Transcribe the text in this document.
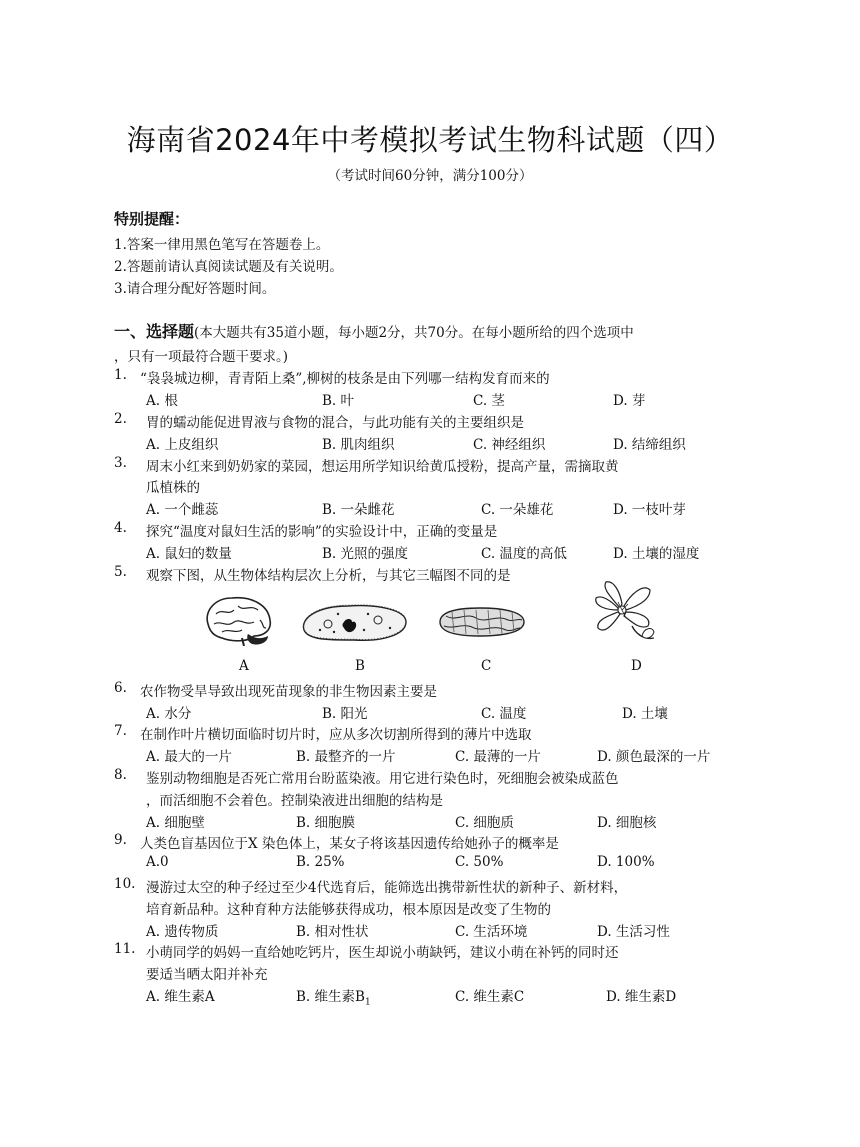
海南省2024年中考模拟考试生物科试题（四）
（考试时间60分钟，满分100分）
特别提醒：
1.答案一律用黑色笔写在答题卷上。
2.答题前请认真阅读试题及有关说明。
3.请合理分配好答题时间。
一、选择题(本大题共有35道小题，每小题2分，共70分。在每小题所给的四个选项中
，只有一项最符合题干要求。)
1. “袅袅城边柳，青青陌上桑”,柳树的枝条是由下列哪一结构发育而来的
A. 根	B. 叶	C. 茎	D. 芽
2. 胃的蠕动能促进胃液与食物的混合，与此功能有关的主要组织是
A. 上皮组织	B. 肌肉组织	C. 神经组织	D. 结缔组织
3. 周末小红来到奶奶家的菜园，想运用所学知识给黄瓜授粉，提高产量，需摘取黄
瓜植株的
A. 一个雌蕊	B. 一朵雌花	C. 一朵雄花	D. 一枝叶芽
4. 探究“温度对鼠妇生活的影响”的实验设计中，正确的变量是
A. 鼠妇的数量	B. 光照的强度	C. 温度的高低	D. 土壤的湿度
5. 观察下图，从生物体结构层次上分析，与其它三幅图不同的是
A	B	C	D
6. 农作物受旱导致出现死苗现象的非生物因素主要是
A. 水分	B. 阳光	C. 温度	D. 土壤
7. 在制作叶片横切面临时切片时，应从多次切割所得到的薄片中选取
A. 最大的一片	B. 最整齐的一片	C. 最薄的一片	D. 颜色最深的一片
8. 鉴别动物细胞是否死亡常用台盼蓝染液。用它进行染色时，死细胞会被染成蓝色
，而活细胞不会着色。控制染液进出细胞的结构是
A. 细胞壁	B. 细胞膜	C. 细胞质	D. 细胞核
9. 人类色盲基因位于X 染色体上，某女子将该基因遗传给她孙子的概率是
A.0	B. 25%	C. 50%	D. 100%
10. 漫游过太空的种子经过至少4代选育后，能筛选出携带新性状的新种子、新材料，
培育新品种。这种育种方法能够获得成功，根本原因是改变了生物的
A. 遗传物质	B. 相对性状	C. 生活环境	D. 生活习性
11. 小萌同学的妈妈一直给她吃钙片，医生却说小萌缺钙，建议小萌在补钙的同时还
要适当晒太阳并补充
A. 维生素A	B. 维生素$B_1$	C. 维生素C	D. 维生素D
